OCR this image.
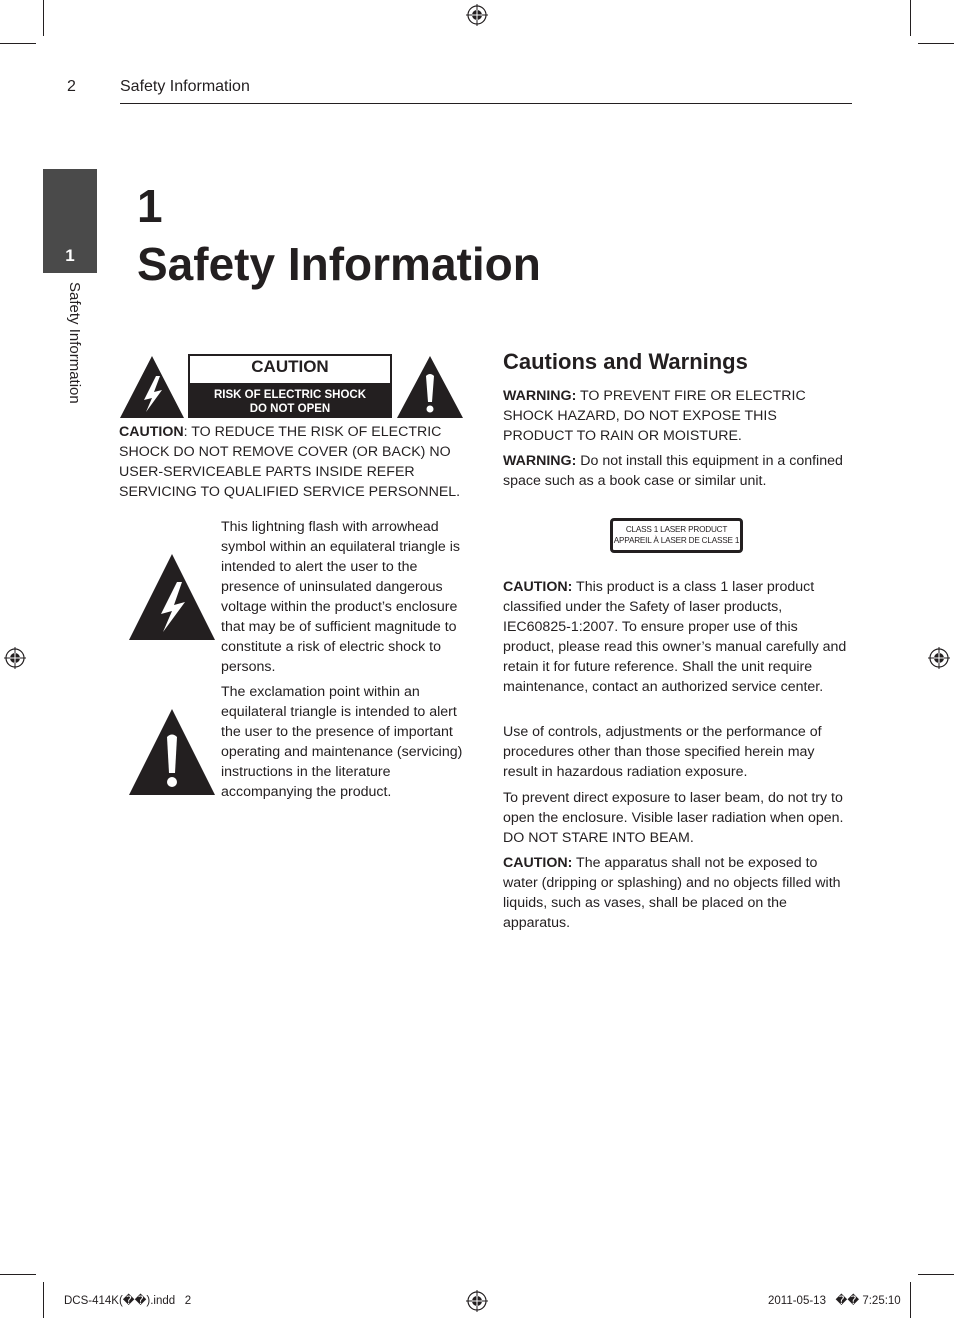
2	Safety Information
1
Safety Information
1
Safety Information
CAUTION
RISK OF ELECTRIC SHOCK
DO NOT OPEN
CAUTION: TO REDUCE THE RISK OF ELECTRIC SHOCK DO NOT REMOVE COVER (OR BACK) NO USER-SERVICEABLE PARTS INSIDE REFER SERVICING TO QUALIFIED SERVICE PERSONNEL.
This lightning flash with arrowhead symbol within an equilateral triangle is intended to alert the user to the presence of uninsulated dangerous voltage within the product’s enclosure that may be of sufficient magnitude to constitute a risk of electric shock to persons.
The exclamation point within an equilateral triangle is intended to alert the user to the presence of important operating and maintenance (servicing) instructions in the literature accompanying the product.
Cautions and Warnings
WARNING: TO PREVENT FIRE OR ELECTRIC SHOCK HAZARD, DO NOT EXPOSE THIS PRODUCT TO RAIN OR MOISTURE.
WARNING: Do not install this equipment in a confined space such as a book case or similar unit.
CLASS 1 LASER PRODUCT
APPAREIL À LASER DE CLASSE 1
CAUTION: This product is a class 1 laser product classified under the Safety of laser products, IEC60825-1:2007. To ensure proper use of this product, please read this owner’s manual carefully and retain it for future reference. Shall the unit require maintenance, contact an authorized service center.
Use of controls, adjustments or the performance of procedures other than those specified herein may result in hazardous radiation exposure.
To prevent direct exposure to laser beam, do not try to open the enclosure. Visible laser radiation when open. DO NOT STARE INTO BEAM.
CAUTION: The apparatus shall not be exposed to water (dripping or splashing) and no objects filled with liquids, such as vases, shall be placed on the apparatus.
DCS-414K(��).indd   2	2011-05-13   �� 7:25:10
